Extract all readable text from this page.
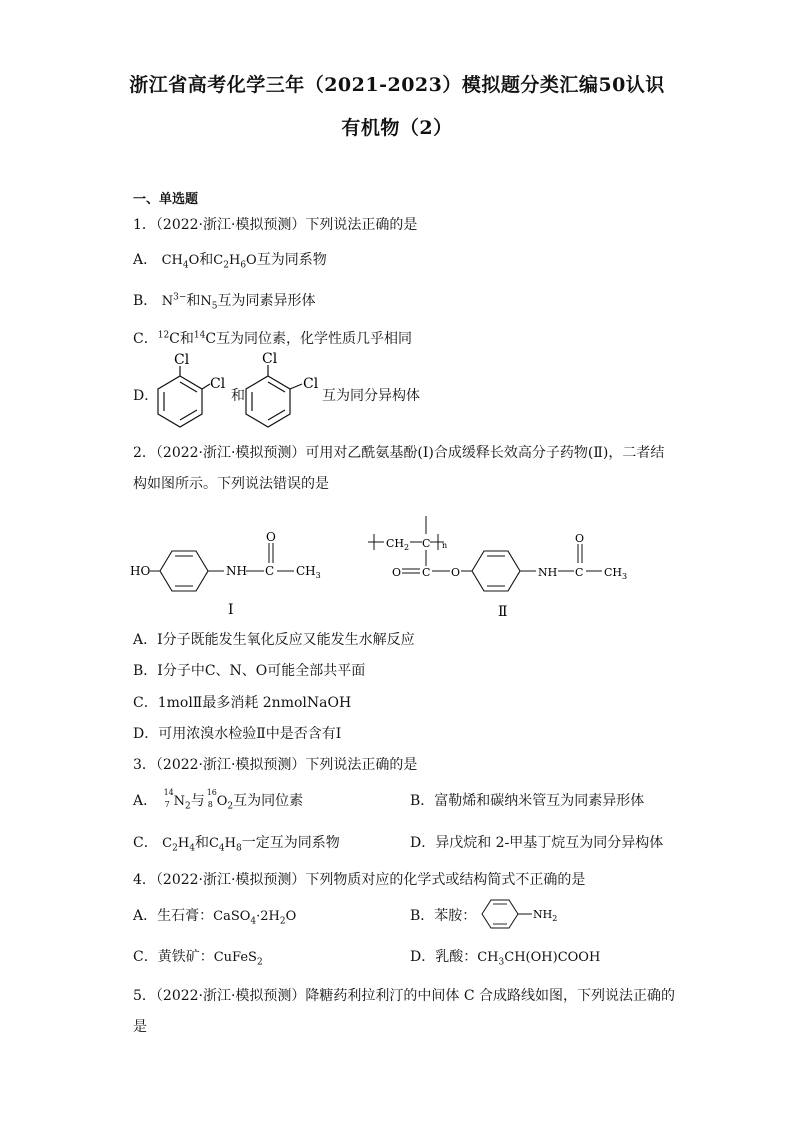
浙江省高考化学三年（2021-2023）模拟题分类汇编50认识
有机物（2）
一、单选题
1．（2022·浙江·模拟预测）下列说法正确的是
A． $CH_4O$和$C_2H_6O$互为同系物
B． $N^{3-}$和$N_5$互为同素异形体
C．$^{12}$C和$^{14}$C互为同位素，化学性质几乎相同
D．
Cl
Cl
和
Cl
Cl
互为同分异构体
2．（2022·浙江·模拟预测）可用对乙酰氨基酚(Ⅰ)合成缓释长效高分子药物(Ⅱ)，二者结
构如图所示。下列说法错误的是
HO	NH C
O
$CH_3$
Ⅰ
$CH_2$ C n
O C O	NH C
O
$CH_3$
Ⅱ
A．Ⅰ分子既能发生氧化反应又能发生水解反应
B．Ⅰ分子中C、N、O可能全部共平面
C．1molⅡ最多消耗 2nmolNaOH
D．可用浓溴水检验Ⅱ中是否含有Ⅰ
3．（2022·浙江·模拟预测）下列说法正确的是
A．
14
7 $N_2$与
16
8 $O_2$互为同位素	B．富勒烯和碳纳米管互为同素异形体
C． $C_2H_4$和$C_4H_8$一定互为同系物	D．异戊烷和 2-甲基丁烷互为同分异构体
4．（2022·浙江·模拟预测）下列物质对应的化学式或结构简式不正确的是
A．生石膏：$CaSO_4\cdot 2H_2O$	B．苯胺：	$NH_2$
C．黄铁矿：CuFeS$_2$	D．乳酸：$CH_3CH(OH)COOH$
5．（2022·浙江·模拟预测）降糖药利拉利汀的中间体 C 合成路线如图，下列说法正确的
是
